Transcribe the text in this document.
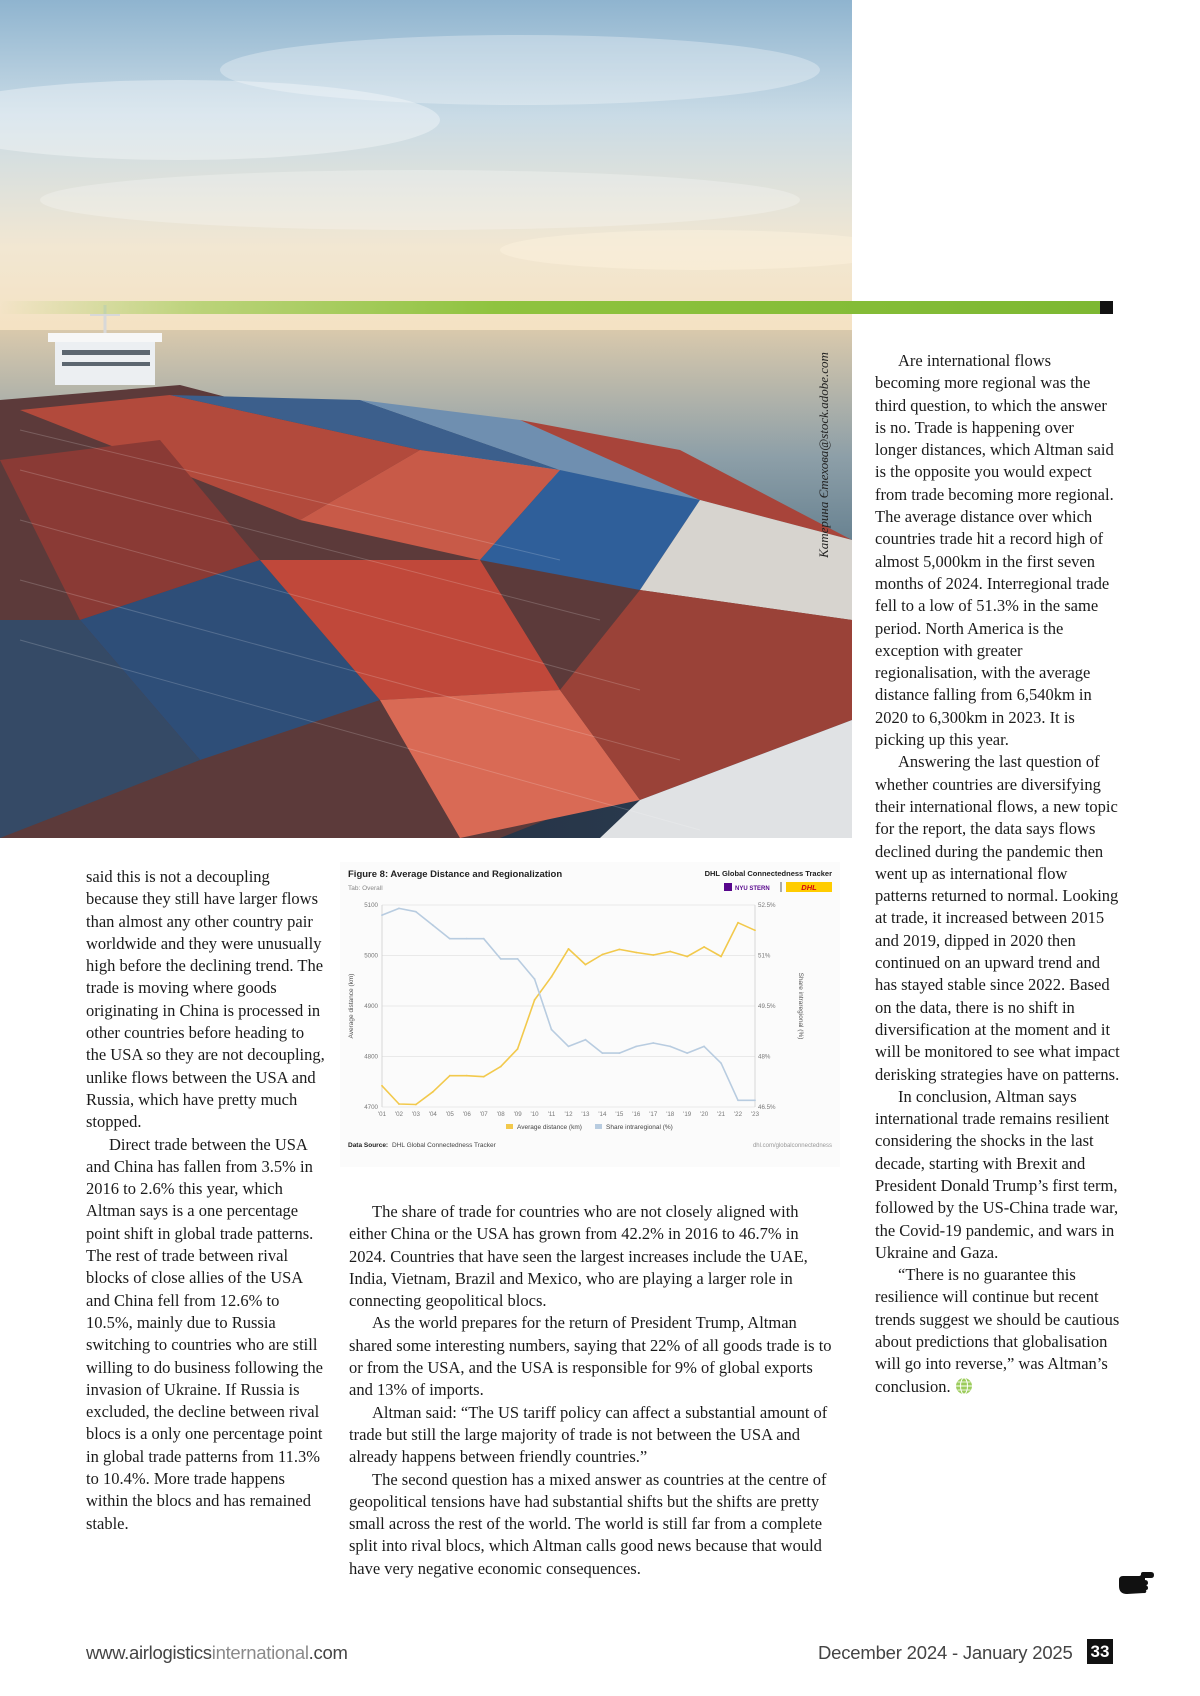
Катерина Єтехова@stock.adobe.com

said this is not a decoupling because they still have larger flows than almost any other country pair worldwide and they were unusually high before the declining trend. The trade is moving where goods originating in China is processed in other countries before heading to the USA so they are not decoupling, unlike flows between the USA and Russia, which have pretty much stopped.

Direct trade between the USA and China has fallen from 3.5% in 2016 to 2.6% this year, which Altman says is a one percentage point shift in global trade patterns. The rest of trade between rival blocks of close allies of the USA and China fell from 12.6% to 10.5%, mainly due to Russia switching to countries who are still willing to do business following the invasion of Ukraine. If Russia is excluded, the decline between rival blocs is a only one percentage point in global trade patterns from 11.3% to 10.4%. More trade happens within the blocs and has remained stable.

The share of trade for countries who are not closely aligned with either China or the USA has grown from 42.2% in 2016 to 46.7% in 2024. Countries that have seen the largest increases include the UAE, India, Vietnam, Brazil and Mexico, who are playing a larger role in connecting geopolitical blocs.

As the world prepares for the return of President Trump, Altman shared some interesting numbers, saying that 22% of all goods trade is to or from the USA, and the USA is responsible for 9% of global exports and 13% of imports.

Altman said: “The US tariff policy can affect a substantial amount of trade but still the large majority of trade is not between the USA and already happens between friendly countries.”

The second question has a mixed answer as countries at the centre of geopolitical tensions have had substantial shifts but the shifts are pretty small across the rest of the world. The world is still far from a complete split into rival blocs, which Altman calls good news because that would have very negative economic consequences.

Are international flows becoming more regional was the third question, to which the answer is no. Trade is happening over longer distances, which Altman said is the opposite you would expect from trade becoming more regional. The average distance over which countries trade hit a record high of almost 5,000km in the first seven months of 2024. Interregional trade fell to a low of 51.3% in the same period. North America is the exception with greater regionalisation, with the average distance falling from 6,540km in 2020 to 6,300km in 2023. It is picking up this year.

Answering the last question of whether countries are diversifying their international flows, a new topic for the report, the data says flows declined during the pandemic then went up as international flow patterns returned to normal. Looking at trade, it increased between 2015 and 2019, dipped in 2020 then continued on an upward trend and has stayed stable since 2022. Based on the data, there is no shift in diversification at the moment and it will be monitored to see what impact derisking strategies have on patterns.

In conclusion, Altman says international trade remains resilient considering the shocks in the last decade, starting with Brexit and President Donald Trump’s first term, followed by the US-China trade war, the Covid-19 pandemic, and wars in Ukraine and Gaza.

“There is no guarantee this resilience will continue but recent trends suggest we should be cautious about predictions that globalisation will go into reverse,” was Altman’s conclusion.

Figure 8: Average Distance and Regionalization
Tab: Overall
DHL Global Connectedness Tracker
NYU STERN	DHL
4700	46.5%
4800	48%
4900	49.5%
5000	51%
5100	52.5%
'01 '02 '03 '04 '05 '06 '07 '08 '09 '10 '11 '12 '13 '14 '15 '16 '17 '18 '19 '20 '21 '22 '23
Average distance (km)	Share intraregional (%)
Average distance (km)	Share intraregional (%)
Data Source: DHL Global Connectedness Tracker	dhl.com/globalconnectedness
www.airlogisticsinternational.com	December 2024 - January 2025 33
